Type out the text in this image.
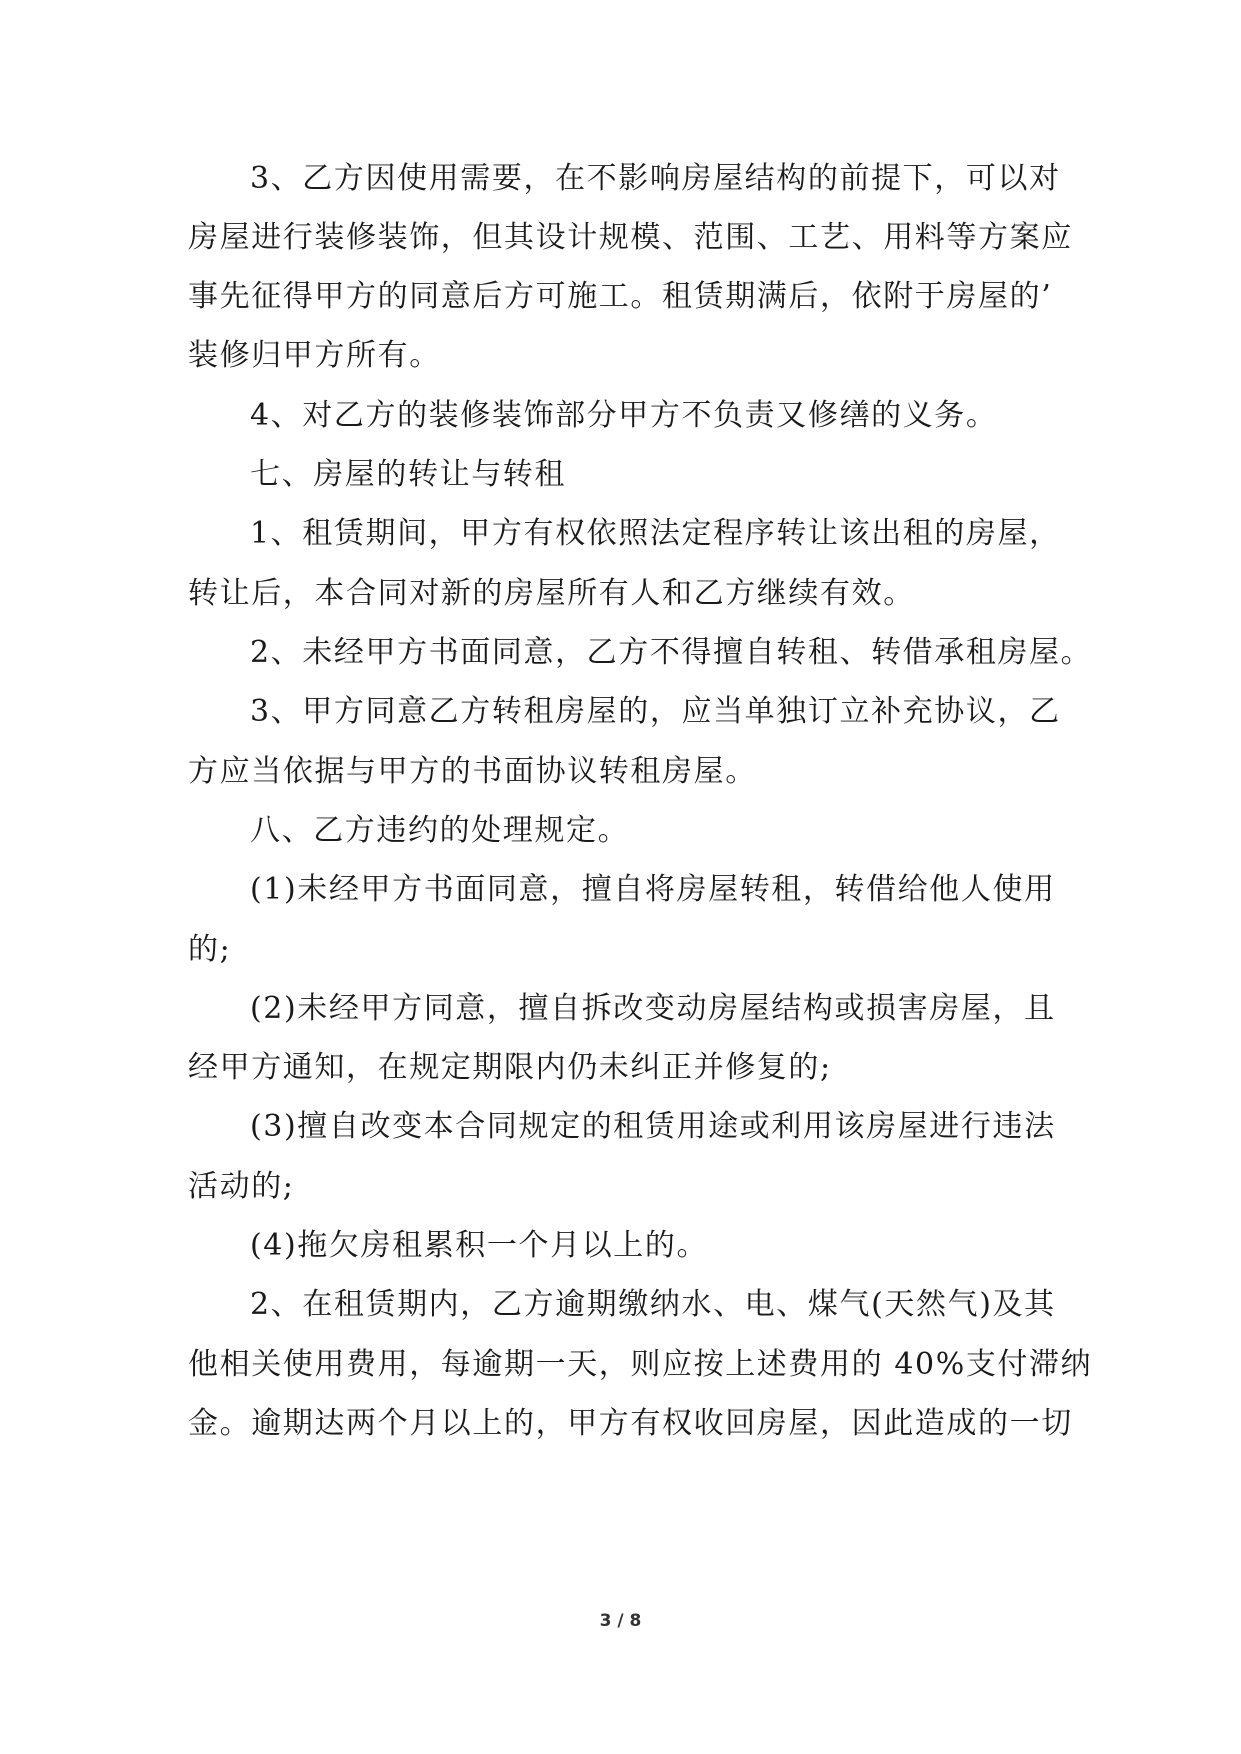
3、乙方因使用需要，在不影响房屋结构的前提下，可以对
房屋进行装修装饰，但其设计规模、范围、工艺、用料等方案应
事先征得甲方的同意后方可施工。租赁期满后，依附于房屋的’
装修归甲方所有。
4、对乙方的装修装饰部分甲方不负责又修缮的义务。
七、房屋的转让与转租
1、租赁期间，甲方有权依照法定程序转让该出租的房屋，
转让后，本合同对新的房屋所有人和乙方继续有效。
2、未经甲方书面同意，乙方不得擅自转租、转借承租房屋。
3、甲方同意乙方转租房屋的，应当单独订立补充协议，乙
方应当依据与甲方的书面协议转租房屋。
八、乙方违约的处理规定。
(1)未经甲方书面同意，擅自将房屋转租，转借给他人使用
的;
(2)未经甲方同意，擅自拆改变动房屋结构或损害房屋，且
经甲方通知，在规定期限内仍未纠正并修复的;
(3)擅自改变本合同规定的租赁用途或利用该房屋进行违法
活动的;
(4)拖欠房租累积一个月以上的。
2、在租赁期内，乙方逾期缴纳水、电、煤气(天然气)及其
他相关使用费用，每逾期一天，则应按上述费用的 40%支付滞纳
金。逾期达两个月以上的，甲方有权收回房屋，因此造成的一切
3 / 8
